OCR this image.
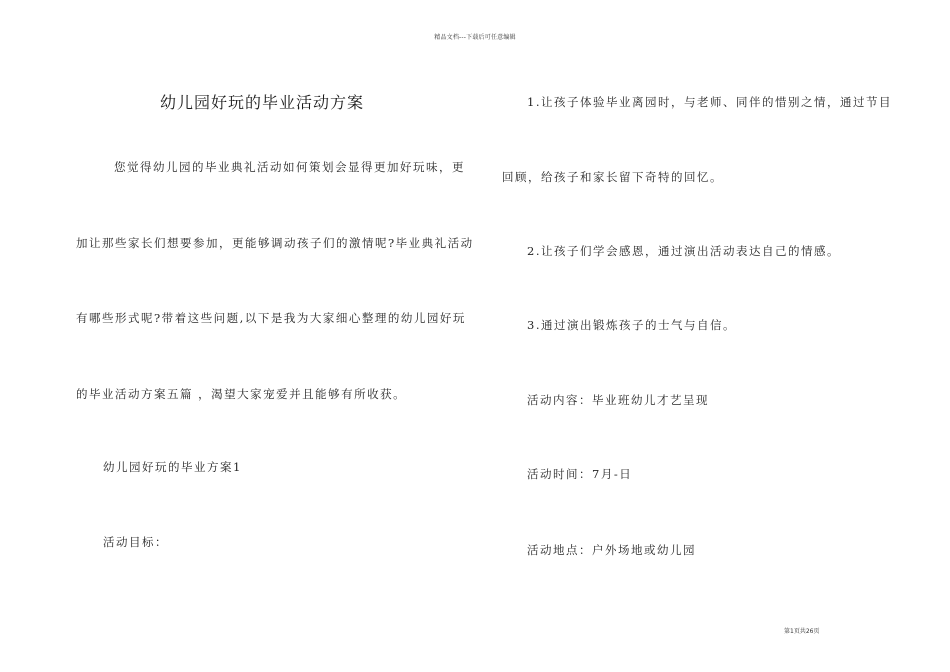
精品文档---下载后可任意编辑
幼儿园好玩的毕业活动方案
您觉得幼儿园的毕业典礼活动如何策划会显得更加好玩味，更
加让那些家长们想要参加，更能够调动孩子们的激情呢?毕业典礼活动
有哪些形式呢?带着这些问题,以下是我为大家细心整理的幼儿园好玩
的毕业活动方案五篇 ，渴望大家宠爱并且能够有所收获。
幼儿园好玩的毕业方案1
活动目标：
1.让孩子体验毕业离园时，与老师、同伴的惜别之情，通过节目
回顾，给孩子和家长留下奇特的回忆。
2.让孩子们学会感恩，通过演出活动表达自己的情感。
3.通过演出锻炼孩子的士气与自信。
活动内容：毕业班幼儿才艺呈现
活动时间：7月-日
活动地点：户外场地或幼儿园
第1页共26页
